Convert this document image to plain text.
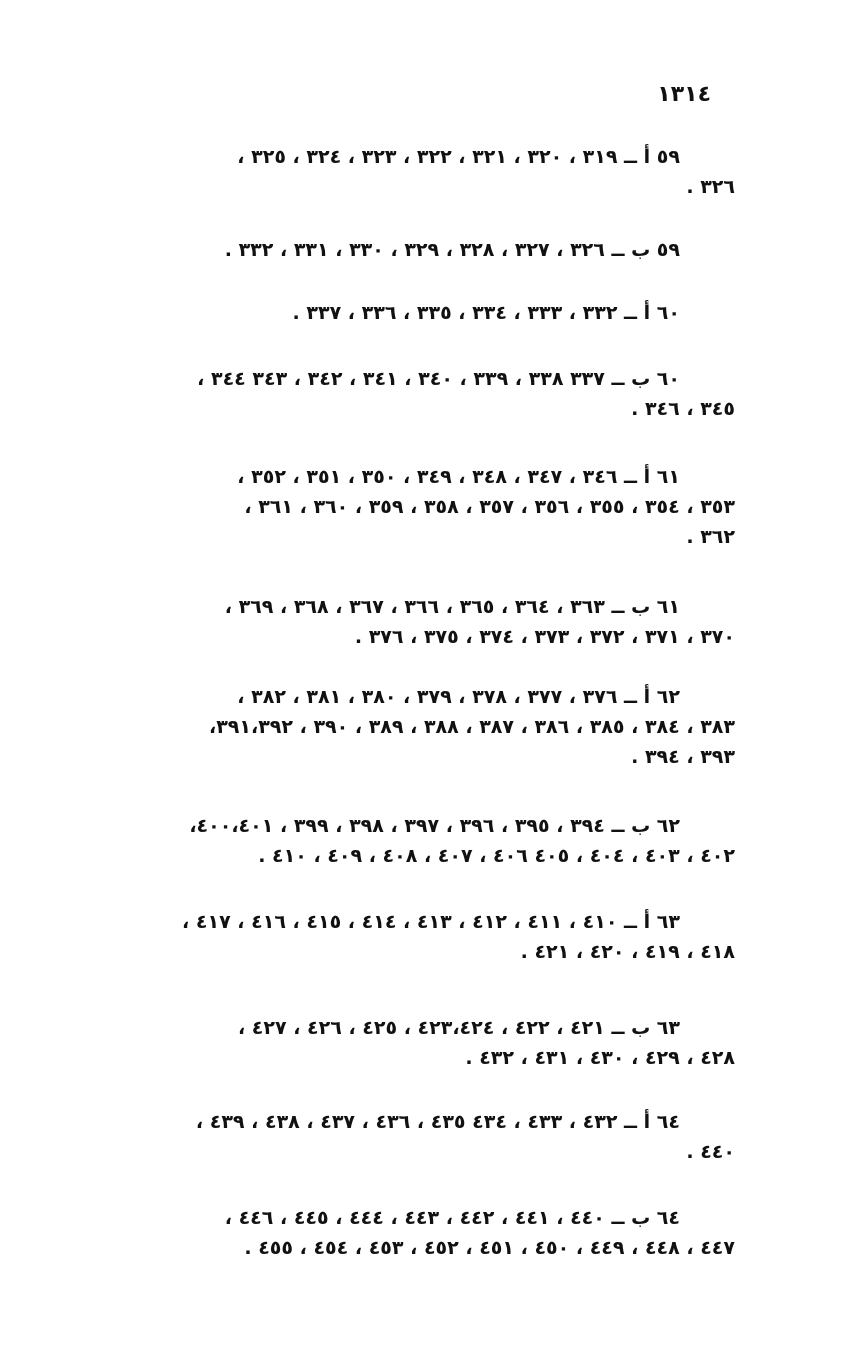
١٣١٤
٥٩ أ ــ ٣١٩ ، ٣٢٠ ، ٣٢١ ، ٣٢٢ ، ٣٢٣ ، ٣٢٤ ، ٣٢٥ ،
٣٢٦ .
٥٩ ب ــ ٣٢٦ ، ٣٢٧ ، ٣٢٨ ، ٣٢٩ ، ٣٣٠ ، ٣٣١ ، ٣٣٢ .
٦٠ أ ــ ٣٣٢ ، ٣٣٣ ، ٣٣٤ ، ٣٣٥ ، ٣٣٦ ، ٣٣٧ .
٦٠ ب ــ ٣٣٧ ٣٣٨ ، ٣٣٩ ، ٣٤٠ ، ٣٤١ ، ٣٤٢ ، ٣٤٣ ٣٤٤ ،
٣٤٥ ، ٣٤٦ .
٦١ أ ــ ٣٤٦ ، ٣٤٧ ، ٣٤٨ ، ٣٤٩ ، ٣٥٠ ، ٣٥١ ، ٣٥٢ ،
٣٥٣ ، ٣٥٤ ، ٣٥٥ ، ٣٥٦ ، ٣٥٧ ، ٣٥٨ ، ٣٥٩ ، ٣٦٠ ، ٣٦١ ،
٣٦٢ .
٦١ ب ــ ٣٦٣ ، ٣٦٤ ، ٣٦٥ ، ٣٦٦ ، ٣٦٧ ، ٣٦٨ ، ٣٦٩ ،
٣٧٠ ، ٣٧١ ، ٣٧٢ ، ٣٧٣ ، ٣٧٤ ، ٣٧٥ ، ٣٧٦ .
٦٢ أ ــ ٣٧٦ ، ٣٧٧ ، ٣٧٨ ، ٣٧٩ ، ٣٨٠ ، ٣٨١ ، ٣٨٢ ،
٣٨٣ ، ٣٨٤ ، ٣٨٥ ، ٣٨٦ ، ٣٨٧ ، ٣٨٨ ، ٣٨٩ ، ٣٩٠ ، ٣٩١،٣٩٢،
٣٩٣ ، ٣٩٤ .
٦٢ ب ــ ٣٩٤ ، ٣٩٥ ، ٣٩٦ ، ٣٩٧ ، ٣٩٨ ، ٣٩٩ ، ٤٠٠،٤٠١،
٤٠٢ ، ٤٠٣ ، ٤٠٤ ، ٤٠٥ ٤٠٦ ، ٤٠٧ ، ٤٠٨ ، ٤٠٩ ، ٤١٠ .
٦٣ أ ــ ٤١٠ ، ٤١١ ، ٤١٢ ، ٤١٣ ، ٤١٤ ، ٤١٥ ، ٤١٦ ، ٤١٧ ،
٤١٨ ، ٤١٩ ، ٤٢٠ ، ٤٢١ .
٦٣ ب ــ ٤٢١ ، ٤٢٢ ، ٤٢٣،٤٢٤ ، ٤٢٥ ، ٤٢٦ ، ٤٢٧ ،
٤٢٨ ، ٤٢٩ ، ٤٣٠ ، ٤٣١ ، ٤٣٢ .
٦٤ أ ــ ٤٣٢ ، ٤٣٣ ، ٤٣٤ ٤٣٥ ، ٤٣٦ ، ٤٣٧ ، ٤٣٨ ، ٤٣٩ ،
٤٤٠ .
٦٤ ب ــ ٤٤٠ ، ٤٤١ ، ٤٤٢ ، ٤٤٣ ، ٤٤٤ ، ٤٤٥ ، ٤٤٦ ،
٤٤٧ ، ٤٤٨ ، ٤٤٩ ، ٤٥٠ ، ٤٥١ ، ٤٥٢ ، ٤٥٣ ، ٤٥٤ ، ٤٥٥ .
